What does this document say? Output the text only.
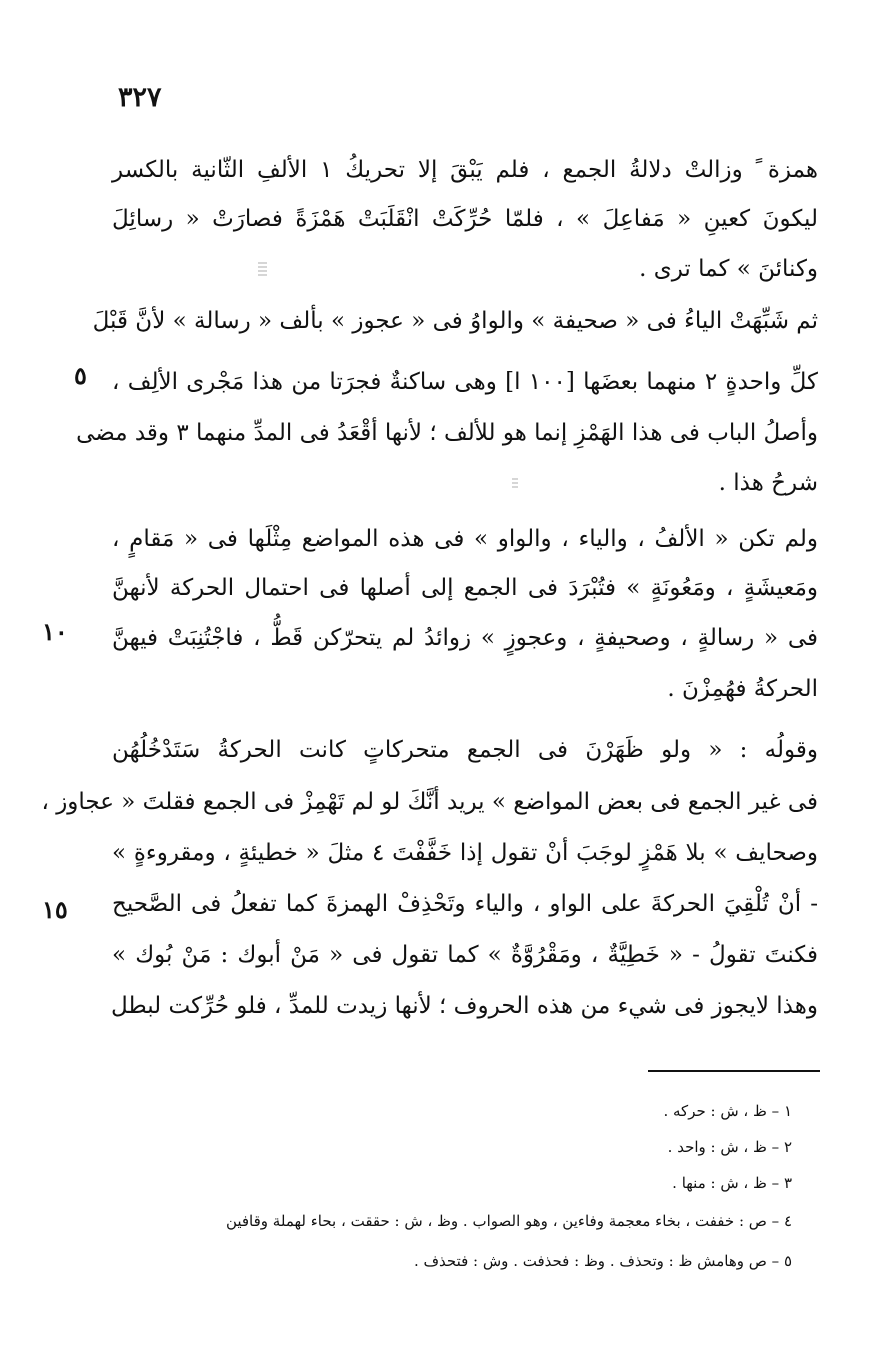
٣٢٧
همزة ً وزالتْ دلالةُ الجمع ، فلم يَبْقَ إلا تحريكُ ١ الألفِ الثّانية بالكسر
ليكونَ كعينِ « مَفاعِلَ » ، فلمّا حُرِّكَتْ انْقَلَبَتْ هَمْزَةً فصارَتْ « رسائِلَ
وكنائنَ » كما ترى .
ثم شَبِّهَتْ الياءُ فى « صحيفة » والواوُ فى « عجوز » بألف « رسالة » لأنَّ قَبْلَ
كلِّ واحدةٍ ٢ منهما بعضَها [١٠٠ ا] وهى ساكنةٌ فجرَتا من هذا مَجْرى الألِف ،
وأصلُ الباب فى هذا الهَمْزِ إنما هو للألف ؛ لأنها أقْعَدُ فى المدِّ منهما ٣ وقد مضى
شرحُ هذا .
ولم تكن « الألفُ ، والياء ، والواو » فى هذه المواضع مِثْلَها فى « مَقامٍ ،
ومَعيشَةٍ ، ومَعُونَةٍ » فتُبْرَدَ فى الجمع إلى أصلها فى احتمال الحركة لأنهنَّ
فى « رسالةٍ ، وصحيفةٍ ، وعجوزٍ » زوائدُ لم يتحرّكن قَطُّ ، فاجْتُنِبَتْ فيهنَّ
الحركةُ فهُمِزْنَ .
وقولُه : « ولو ظَهَرْنَ فى الجمع متحركاتٍ كانت الحركةُ سَتَدْخُلُهُن
فى غير الجمع فى بعض المواضع » يريد أنَّكَ لو لم تَهْمِزْ فى الجمع فقلتَ « عجاوز ،
وصحايف » بلا هَمْزٍ لوجَبَ أنْ تقول إذا خَفَّفْتَ ٤ مثلَ « خطيئةٍ ، ومقروءةٍ »
- أنْ تُلْقِيَ الحركةَ على الواو ، والياء وتَحْذِفْ الهمزةَ كما تفعلُ فى الصَّحيح
فكنتَ تقولُ - « خَطِيَّةٌ ، ومَقْرُوَّةٌ » كما تقول فى « مَنْ أبوك : مَنْ بُوك »
وهذا لايجوز فى شيء من هذه الحروف ؛ لأنها زيدت للمدِّ ، فلو حُرِّكت لبطل
٥
١٠
١٥
١ – ظ ، ش : حركه .
٢ – ظ ، ش : واحد .
٣ – ظ ، ش : منها .
٤ – ص : خففت ، بخاء معجمة وفاءين ، وهو الصواب . وظ ، ش : حققت ، بحاء لهملة وقافين
٥ – ص وهامش ظ : وتحذف . وظ : فحذفت . وش : فتحذف .
